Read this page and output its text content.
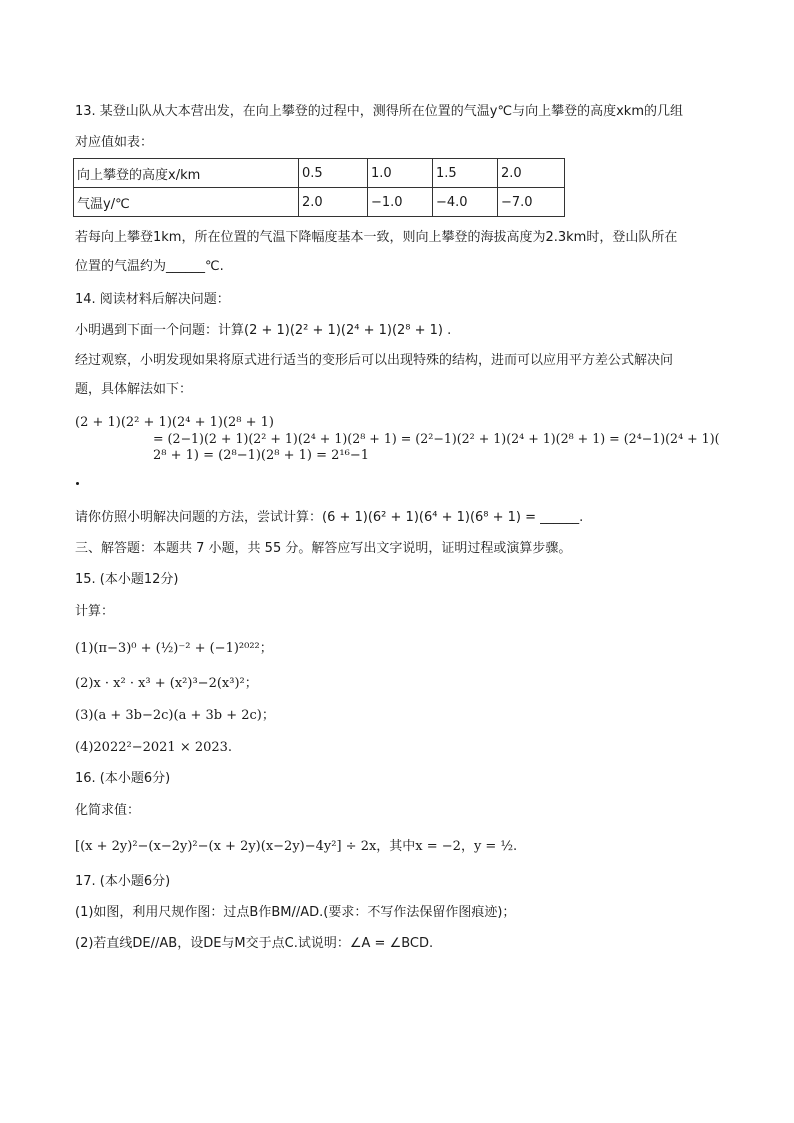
13. 某登山队从大本营出发，在向上攀登的过程中，测得所在位置的气温y℃与向上攀登的高度xkm的几组
对应值如表：
向上攀登的高度x/km	0.5	1.0	1.5	2.0
气温y/℃	2.0	−1.0	−4.0	−7.0
若每向上攀登1km，所在位置的气温下降幅度基本一致，则向上攀登的海拔高度为2.3km时，登山队所在
位置的气温约为______℃.
14. 阅读材料后解决问题：
小明遇到下面一个问题：计算(2 + 1)(2² + 1)(2⁴ + 1)(2⁸ + 1) .
经过观察，小明发现如果将原式进行适当的变形后可以出现特殊的结构，进而可以应用平方差公式解决问
题，具体解法如下：
(2 + 1)(2² + 1)(2⁴ + 1)(2⁸ + 1)
= (2−1)(2 + 1)(2² + 1)(2⁴ + 1)(2⁸ + 1) = (2²−1)(2² + 1)(2⁴ + 1)(2⁸ + 1) = (2⁴−1)(2⁴ + 1)(
2⁸ + 1) = (2⁸−1)(2⁸ + 1) = 2¹⁶−1
请你仿照小明解决问题的方法，尝试计算：(6 + 1)(6² + 1)(6⁴ + 1)(6⁸ + 1) = ______.
三、解答题：本题共 7 小题，共 55 分。解答应写出文字说明，证明过程或演算步骤。
15. (本小题12分)
计算：
(1)(π−3)⁰ + (½)⁻² + (−1)²⁰²²；
(2)x · x² · x³ + (x²)³−2(x³)²；
(3)(a + 3b−2c)(a + 3b + 2c)；
(4)2022²−2021 × 2023.
16. (本小题6分)
化简求值：
[(x + 2y)²−(x−2y)²−(x + 2y)(x−2y)−4y²] ÷ 2x，其中x = −2，y = ½.
17. (本小题6分)
(1)如图，利用尺规作图：过点B作BM//AD.(要求：不写作法保留作图痕迹)；
(2)若直线DE//AB，设DE与M交于点C.试说明：∠A = ∠BCD.
